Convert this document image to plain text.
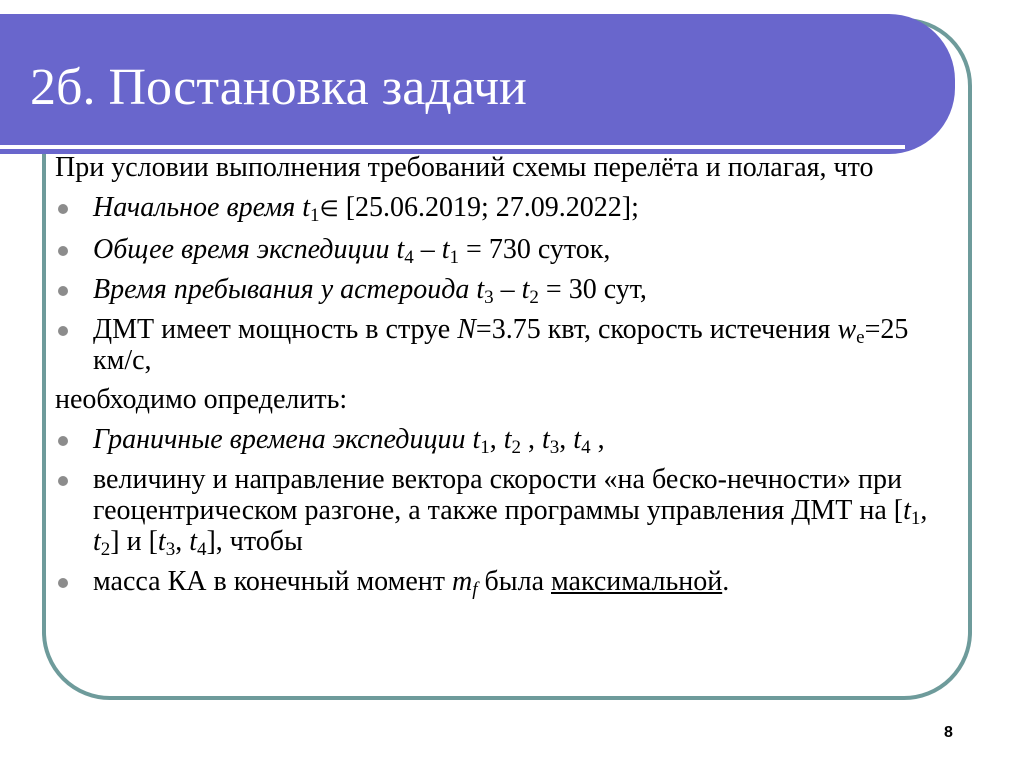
2б. Постановка задачи

При условии выполнения требований схемы перелёта и полагая, что

Начальное время $t_1\in$ [25.06.2019; 27.09.2022];
Общее время экспедиции $t_4 - t_1 = 730$ суток,
Время пребывания у астероида $t_3 - t_2 = 30$ сут,
ДМТ имеет мощность в струе N=3.75 квт, скорость истечения $w_e=25$ км/с,

необходимо определить:

Граничные времена экспедиции $t_1$, $t_2$ , $t_3$, $t_4$ ,
величину и направление вектора скорости «на беско-нечности» при геоцентрическом разгоне, а также программы управления ДМТ на [$t_1$, $t_2$] и [$t_3$, $t_4$], чтобы
масса КА в конечный момент $m_f$ была максимальной.
8
